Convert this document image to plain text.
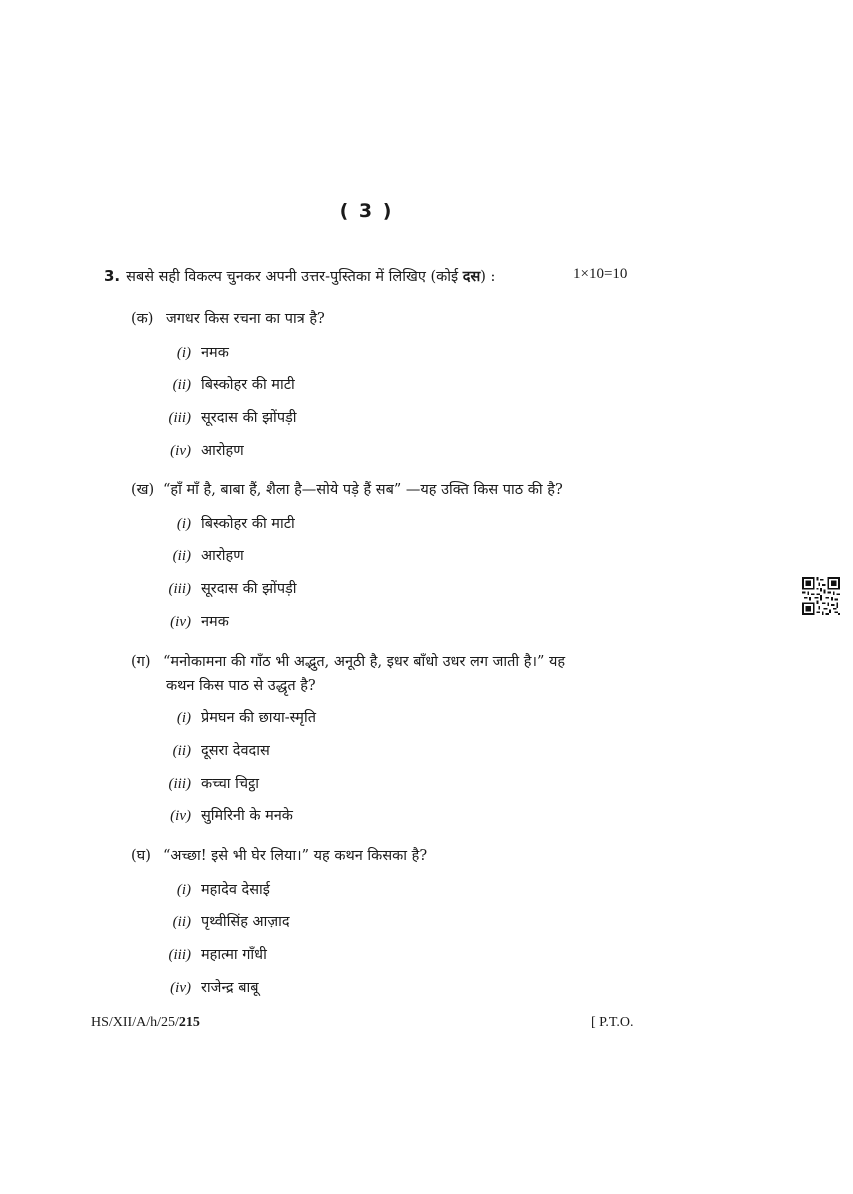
( 3 )
3. सबसे सही विकल्प चुनकर अपनी उत्तर-पुस्तिका में लिखिए (कोई दस) :	1×10=10
(क) जगधर किस रचना का पात्र है?
(i) नमक
(ii) बिस्कोहर की माटी
(iii) सूरदास की झोंपड़ी
(iv) आरोहण
(ख) “हाँ माँ है, बाबा हैं, शैला है—सोये पड़े हैं सब” —यह उक्ति किस पाठ की है?
(i) बिस्कोहर की माटी
(ii) आरोहण
(iii) सूरदास की झोंपड़ी
(iv) नमक
(ग) “मनोकामना की गाँठ भी अद्भुत, अनूठी है, इधर बाँधो उधर लग जाती है।” यह
कथन किस पाठ से उद्धृत है?
(i) प्रेमघन की छाया-स्मृति
(ii) दूसरा देवदास
(iii) कच्चा चिट्ठा
(iv) सुमिरिनी के मनके
(घ) “अच्छा! इसे भी घेर लिया।” यह कथन किसका है?
(i) महादेव देसाई
(ii) पृथ्वीसिंह आज़ाद
(iii) महात्मा गाँधी
(iv) राजेन्द्र बाबू
HS/XII/A/h/25/215	[ P.T.O.
